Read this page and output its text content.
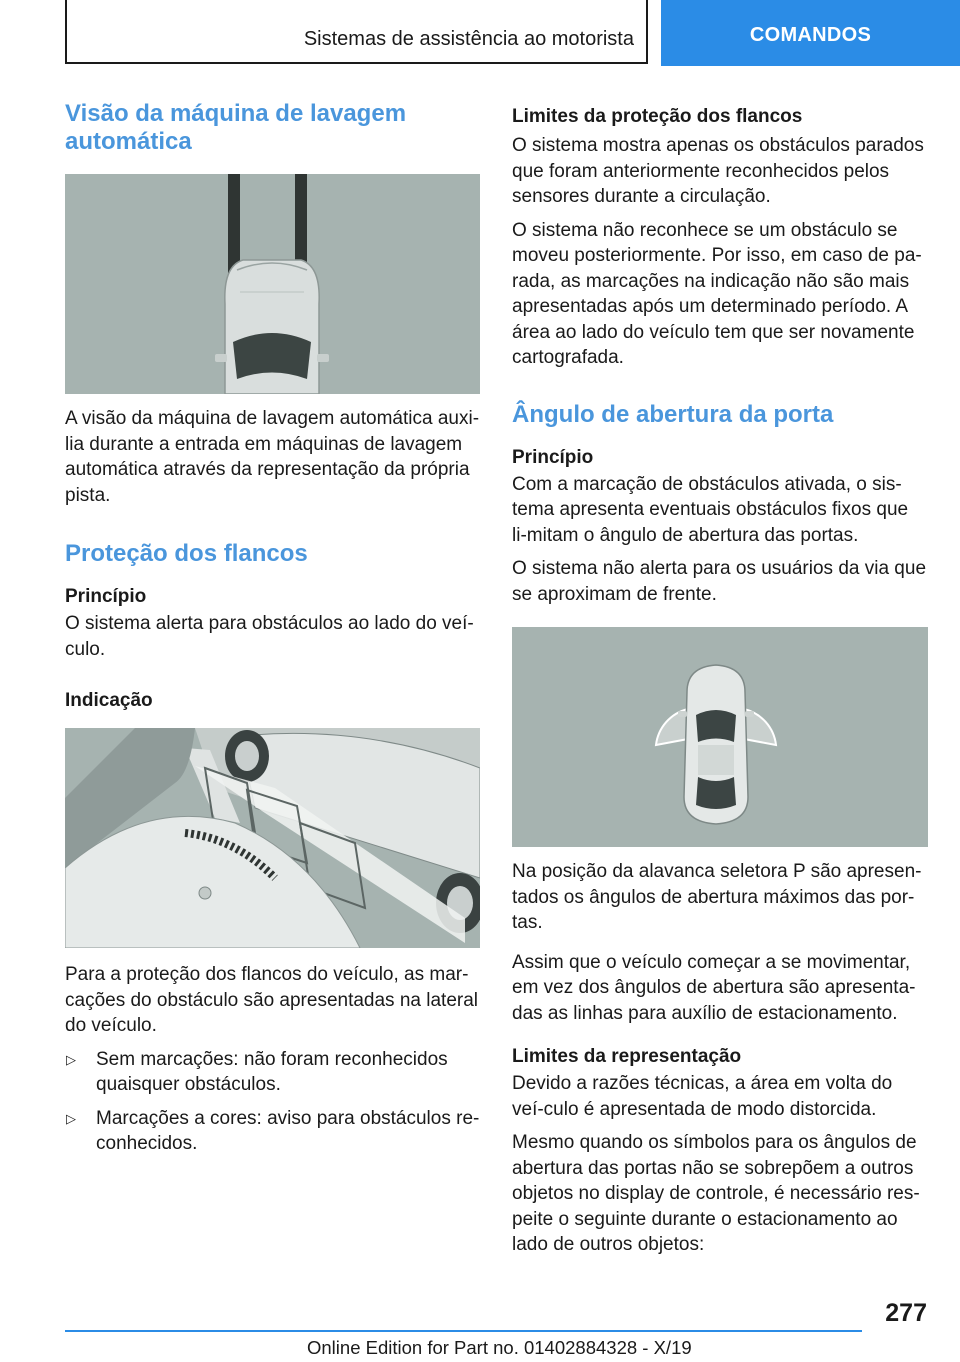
Sistemas de assistência ao motorista	COMANDOS
Visão da máquina de lavagem
automática

A visão da máquina de lavagem automática auxi-lia durante a entrada em máquinas de lavagem automática através da representação da própria pista.

Proteção dos flancos
Princípio

O sistema alerta para obstáculos ao lado do veí-culo.

Indicação

Para a proteção dos flancos do veículo, as mar-cações do obstáculo são apresentadas na lateral do veículo.

▷ Sem marcações: não foram reconhecidos quaisquer obstáculos.
▷ Marcações a cores: aviso para obstáculos re-conhecidos.
Limites da proteção dos flancos

O sistema mostra apenas os obstáculos parados que foram anteriormente reconhecidos pelos sensores durante a circulação.

O sistema não reconhece se um obstáculo se moveu posteriormente. Por isso, em caso de pa-rada, as marcações na indicação não são mais apresentadas após um determinado período. A área ao lado do veículo tem que ser novamente cartografada.

Ângulo de abertura da porta
Princípio

Com a marcação de obstáculos ativada, o sis-tema apresenta eventuais obstáculos fixos que li-mitam o ângulo de abertura das portas.

O sistema não alerta para os usuários da via que se aproximam de frente.

Na posição da alavanca seletora P são apresen-tados os ângulos de abertura máximos das por-tas.

Assim que o veículo começar a se movimentar, em vez dos ângulos de abertura são apresenta-das as linhas para auxílio de estacionamento.

Limites da representação

Devido a razões técnicas, a área em volta do veí-culo é apresentada de modo distorcida.

Mesmo quando os símbolos para os ângulos de abertura das portas não se sobrepõem a outros objetos no display de controle, é necessário res-peite o seguinte durante o estacionamento ao lado de outros objetos:

277
Online Edition for Part no. 01402884328 - X/19
